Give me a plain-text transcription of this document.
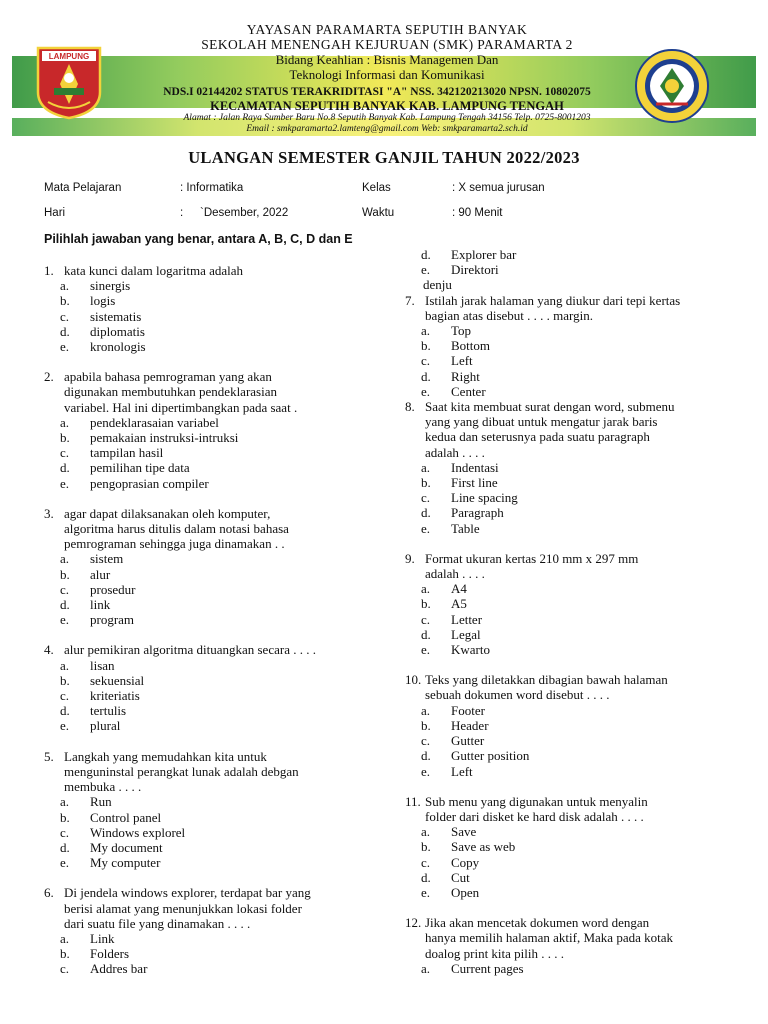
YAYASAN PARAMARTA SEPUTIH BANYAK
SEKOLAH MENENGAH KEJURUAN (SMK) PARAMARTA 2
Bidang Keahlian : Bisnis Managemen Dan
Teknologi Informasi dan Komunikasi
NDS.I 02144202 STATUS TERAKRIDITASI "A" NSS. 342120213020 NPSN. 10802075
KECAMATAN SEPUTIH BANYAK KAB. LAMPUNG TENGAH
Alamat : Jalan Raya Sumber Baru No.8 Seputih Banyak Kab. Lampung Tengah 34156 Telp. 0725-8001203
Email : smkparamarta2.lamteng@gmail.com Web: smkparamarta2.sch.id
LAMPUNG
ULANGAN SEMESTER GANJIL TAHUN 2022/2023
Mata Pelajaran	: Informatika	Kelas	: X semua jurusan
Hari	: `Desember, 2022	Waktu	: 90 Menit
Pilihlah jawaban yang benar, antara A, B, C, D dan E
1. kata kunci dalam logaritma adalah
a. sinergis
b. logis
c. sistematis
d. diplomatis
e. kronologis
2. apabila bahasa pemrograman yang akan
digunakan membutuhkan pendeklarasian
variabel. Hal ini dipertimbangkan pada saat .
a. pendeklarasaian variabel
b. pemakaian instruksi-intruksi
c. tampilan hasil
d. pemilihan tipe data
e. pengoprasian compiler
3. agar dapat dilaksanakan oleh komputer,
algoritma harus ditulis dalam notasi bahasa
pemrograman sehingga juga dinamakan . .
a. sistem
b. alur
c. prosedur
d. link
e. program
4. alur pemikiran algoritma dituangkan secara . . . .
a. lisan
b. sekuensial
c. kriteriatis
d. tertulis
e. plural
5. Langkah yang memudahkan kita untuk
menguninstal perangkat lunak adalah debgan
membuka . . . .
a. Run
b. Control panel
c. Windows explorel
d. My document
e. My computer
6. Di jendela windows explorer, terdapat bar yang
berisi alamat yang menunjukkan lokasi folder
dari suatu file yang dinamakan . . . .
a. Link
b. Folders
c. Addres bar
d. Explorer bar
e. Direktori
denju
7. Istilah jarak halaman yang diukur dari tepi kertas
bagian atas disebut . . . . margin.
a. Top
b. Bottom
c. Left
d. Right
e. Center
8. Saat kita membuat surat dengan word, submenu
yang yang dibuat untuk mengatur jarak baris
kedua dan seterusnya pada suatu paragraph
adalah . . . .
a. Indentasi
b. First line
c. Line spacing
d. Paragraph
e. Table
9. Format ukuran kertas 210 mm x 297 mm
adalah . . . .
a. A4
b. A5
c. Letter
d. Legal
e. Kwarto
10. Teks yang diletakkan dibagian bawah halaman
sebuah dokumen word disebut . . . .
a. Footer
b. Header
c. Gutter
d. Gutter position
e. Left
11. Sub menu yang digunakan untuk menyalin
folder dari disket ke hard disk adalah . . . .
a. Save
b. Save as web
c. Copy
d. Cut
e. Open
12. Jika akan mencetak dokumen word dengan
hanya memilih halaman aktif, Maka pada kotak
doalog print kita pilih . . . .
a. Current pages
